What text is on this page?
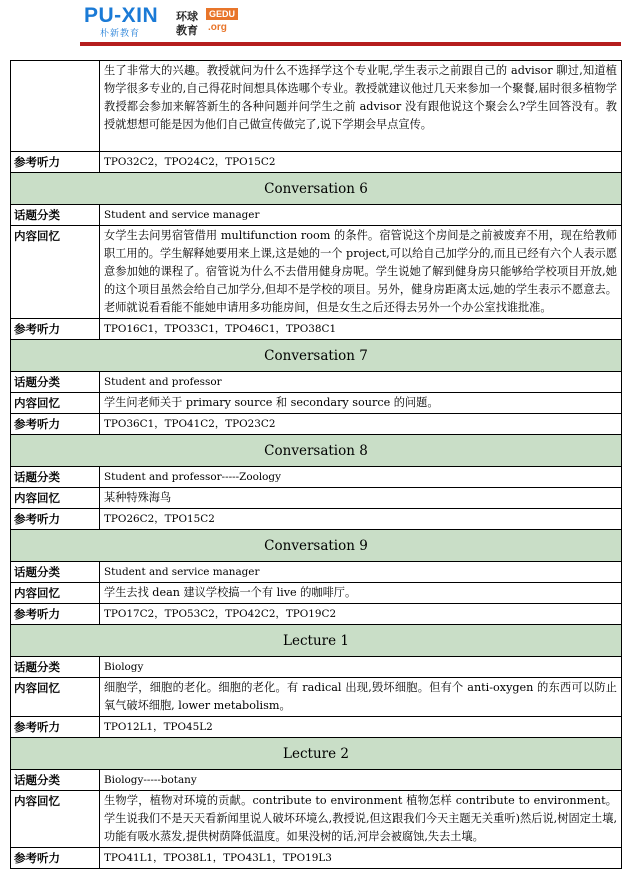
PU-XIN
朴新教育
环球
教育
GEDU
.org
	生了非常大的兴趣。教授就问为什么不选择学这个专业呢,学生表示之前跟自己的 advisor 聊过,知道植物学很多专业的,自己得花时间想具体选哪个专业。教授就建议他过几天来参加一个聚餐,届时很多植物学教授都会参加来解答新生的各种问题并问学生之前 advisor 没有跟他说这个聚会么?学生回答没有。教授就想想可能是因为他们自己做宣传做完了,说下学期会早点宣传。
参考听力	TPO32C2，TPO24C2，TPO15C2
Conversation 6	
话题分类	Student and service manager
内容回忆	女学生去问男宿管借用 multifunction room 的条件。宿管说这个房间是之前被废弃不用，现在给教师职工用的。学生解释她要用来上课,这是她的一个 project,可以给自己加学分的,而且已经有六个人表示愿意参加她的课程了。宿管说为什么不去借用健身房呢。学生说她了解到健身房只能够给学校项目开放,她的这个项目虽然会给自己加学分,但却不是学校的项目。另外，健身房距离太远,她的学生表示不愿意去。老师就说看看能不能她申请用多功能房间，但是女生之后还得去另外一个办公室找谁批准。
参考听力	TPO16C1，TPO33C1，TPO46C1，TPO38C1
Conversation 7	
话题分类	Student and professor
内容回忆	学生问老师关于 primary source 和 secondary source 的问题。
参考听力	TPO36C1，TPO41C2，TPO23C2
Conversation 8	
话题分类	Student and professor-----Zoology
内容回忆	某种特殊海鸟
参考听力	TPO26C2，TPO15C2
Conversation 9	
话题分类	Student and service manager
内容回忆	学生去找 dean 建议学校搞一个有 live 的咖啡厅。
参考听力	TPO17C2，TPO53C2，TPO42C2，TPO19C2
Lecture 1	
话题分类	Biology
内容回忆	细胞学，细胞的老化。细胞的老化。有 radical 出现,毁坏细胞。但有个 anti-oxygen 的东西可以防止氧气破坏细胞, lower metabolism。
参考听力	TPO12L1，TPO45L2
Lecture 2	
话题分类	Biology-----botany
内容回忆	生物学，植物对环境的贡献。contribute to environment 植物怎样 contribute to environment。学生说我们不是天天看新闻里说人破坏环境么,教授说,但这跟我们今天主题无关重听)然后说,树固定土壤,功能有吸水蒸发,提供树荫降低温度。如果没树的话,河岸会被腐蚀,失去土壤。
参考听力	TPO41L1，TPO38L1，TPO43L1，TPO19L3
